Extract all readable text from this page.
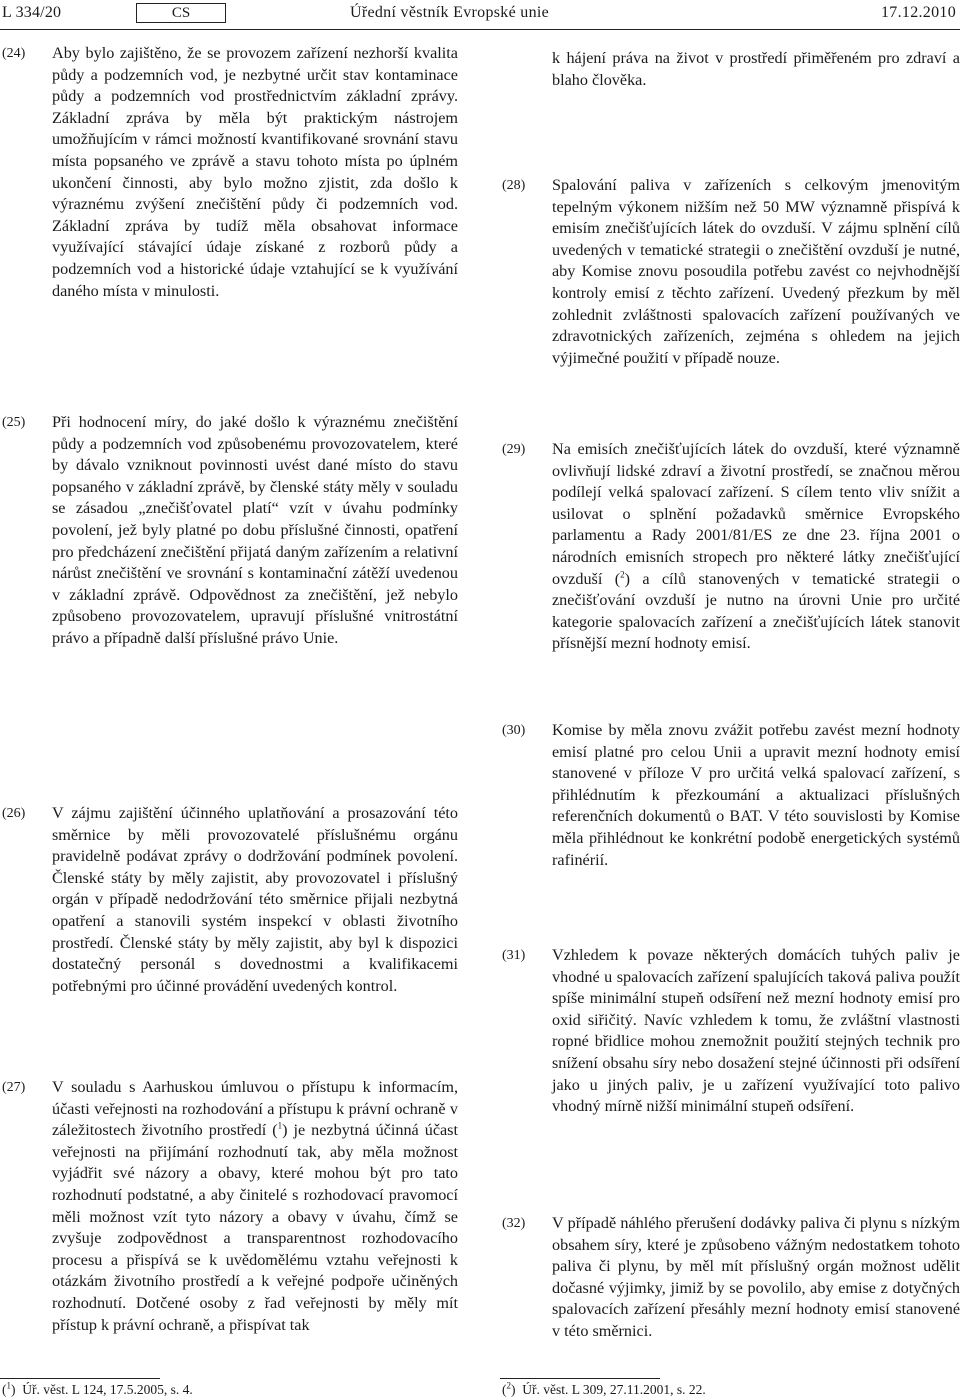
L 334/20	CS	Úřední věstník Evropské unie	17.12.2010
(24) Aby bylo zajištěno, že se provozem zařízení nezhorší kvalita půdy a podzemních vod, je nezbytné určit stav kontaminace půdy a podzemních vod prostřednictvím základní zprávy. Základní zpráva by měla být praktickým nástrojem umožňujícím v rámci možností kvantifikované srovnání stavu místa popsaného ve zprávě a stavu tohoto místa po úplném ukončení činnosti, aby bylo možno zjistit, zda došlo k výraznému zvýšení znečištění půdy či podzemních vod. Základní zpráva by tudíž měla obsahovat informace využívající stávající údaje získané z rozborů půdy a podzemních vod a historické údaje vztahující se k využívání daného místa v minulosti.
(25) Při hodnocení míry, do jaké došlo k výraznému znečištění půdy a podzemních vod způsobenému provozovatelem, které by dávalo vzniknout povinnosti uvést dané místo do stavu popsaného v základní zprávě, by členské státy měly v souladu se zásadou „znečišťovatel platí“ vzít v úvahu podmínky povolení, jež byly platné po dobu příslušné činnosti, opatření pro předcházení znečištění přijatá daným zařízením a relativní nárůst znečištění ve srovnání s kontaminační zátěží uvedenou v základní zprávě. Odpovědnost za znečištění, jež nebylo způsobeno provozovatelem, upravují příslušné vnitrostátní právo a případně další příslušné právo Unie.
(26) V zájmu zajištění účinného uplatňování a prosazování této směrnice by měli provozovatelé příslušnému orgánu pravidelně podávat zprávy o dodržování podmínek povolení. Členské státy by měly zajistit, aby provozovatel i příslušný orgán v případě nedodržování této směrnice přijali nezbytná opatření a stanovili systém inspekcí v oblasti životního prostředí. Členské státy by měly zajistit, aby byl k dispozici dostatečný personál s dovednostmi a kvalifikacemi potřebnými pro účinné provádění uvedených kontrol.
(27) V souladu s Aarhuskou úmluvou o přístupu k informacím, účasti veřejnosti na rozhodování a přístupu k právní ochraně v záležitostech životního prostředí ($^1$) je nezbytná účinná účast veřejnosti na přijímání rozhodnutí tak, aby měla možnost vyjádřit své názory a obavy, které mohou být pro tato rozhodnutí podstatné, a aby činitelé s rozhodovací pravomocí měli možnost vzít tyto názory a obavy v úvahu, čímž se zvyšuje zodpovědnost a transparentnost rozhodovacího procesu a přispívá se k uvědomělému vztahu veřejnosti k otázkám životního prostředí a k veřejné podpoře učiněných rozhodnutí. Dotčené osoby z řad veřejnosti by měly mít přístup k právní ochraně, a přispívat tak
k hájení práva na život v prostředí přiměřeném pro zdraví a blaho člověka.
(28) Spalování paliva v zařízeních s celkovým jmenovitým tepelným výkonem nižším než 50 MW významně přispívá k emisím znečišťujících látek do ovzduší. V zájmu splnění cílů uvedených v tematické strategii o znečištění ovzduší je nutné, aby Komise znovu posoudila potřebu zavést co nejvhodnější kontroly emisí z těchto zařízení. Uvedený přezkum by měl zohlednit zvláštnosti spalovacích zařízení používaných ve zdravotnických zařízeních, zejména s ohledem na jejich výjimečné použití v případě nouze.
(29) Na emisích znečišťujících látek do ovzduší, které významně ovlivňují lidské zdraví a životní prostředí, se značnou měrou podílejí velká spalovací zařízení. S cílem tento vliv snížit a usilovat o splnění požadavků směrnice Evropského parlamentu a Rady 2001/81/ES ze dne 23. října 2001 o národních emisních stropech pro některé látky znečišťující ovzduší ($^2$) a cílů stanovených v tematické strategii o znečišťování ovzduší je nutno na úrovni Unie pro určité kategorie spalovacích zařízení a znečišťujících látek stanovit přísnější mezní hodnoty emisí.
(30) Komise by měla znovu zvážit potřebu zavést mezní hodnoty emisí platné pro celou Unii a upravit mezní hodnoty emisí stanovené v příloze V pro určitá velká spalovací zařízení, s přihlédnutím k přezkoumání a aktualizaci příslušných referenčních dokumentů o BAT. V této souvislosti by Komise měla přihlédnout ke konkrétní podobě energetických systémů rafinérií.
(31) Vzhledem k povaze některých domácích tuhých paliv je vhodné u spalovacích zařízení spalujících taková paliva použít spíše minimální stupeň odsíření než mezní hodnoty emisí pro oxid siřičitý. Navíc vzhledem k tomu, že zvláštní vlastnosti ropné břidlice mohou znemožnit použití stejných technik pro snížení obsahu síry nebo dosažení stejné účinnosti při odsíření jako u jiných paliv, je u zařízení využívající toto palivo vhodný mírně nižší minimální stupeň odsíření.
(32) V případě náhlého přerušení dodávky paliva či plynu s nízkým obsahem síry, které je způsobeno vážným nedostatkem tohoto paliva či plynu, by měl mít příslušný orgán možnost udělit dočasné výjimky, jimiž by se povolilo, aby emise z dotyčných spalovacích zařízení přesáhly mezní hodnoty emisí stanovené v této směrnici.
($^1$)  Úř. věst. L 124, 17.5.2005, s. 4.	($^2$)  Úř. věst. L 309, 27.11.2001, s. 22.
